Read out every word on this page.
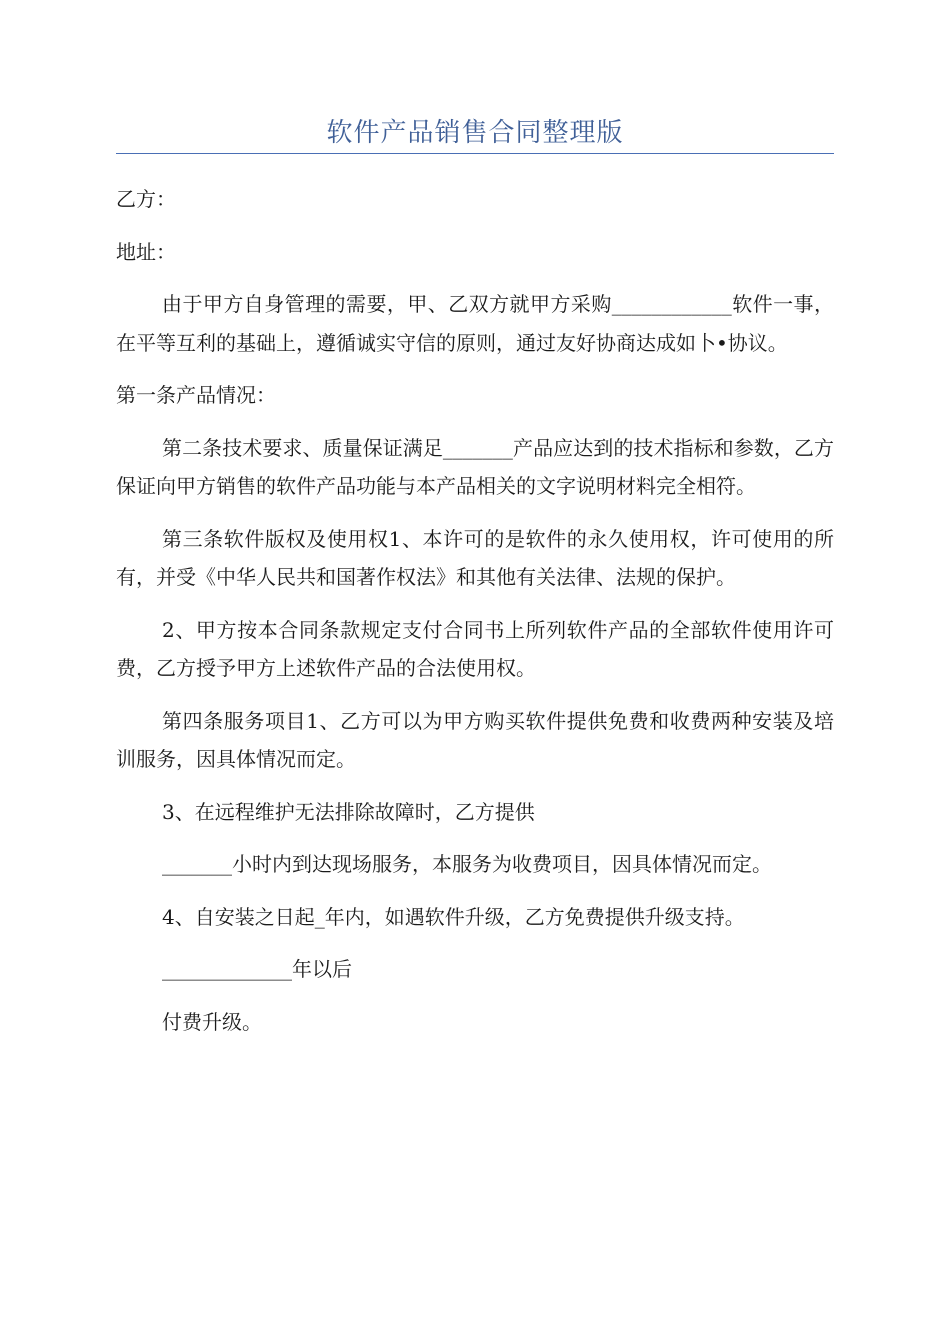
软件产品销售合同整理版

乙方：

地址：

由于甲方自身管理的需要，甲、乙双方就甲方采购____________软件一事，在平等互利的基础上，遵循诚实守信的原则，通过友好协商达成如卜•协议。

第一条产品情况：

第二条技术要求、质量保证满足_______产品应达到的技术指标和参数，乙方保证向甲方销售的软件产品功能与本产品相关的文字说明材料完全相符。

第三条软件版权及使用权1、本许可的是软件的永久使用权，许可使用的所有，并受《中华人民共和国著作权法》和其他有关法律、法规的保护。

2、甲方按本合同条款规定支付合同书上所列软件产品的全部软件使用许可费，乙方授予甲方上述软件产品的合法使用权。

第四条服务项目1、乙方可以为甲方购买软件提供免费和收费两种安装及培训服务，因具体情况而定。

3、在远程维护无法排除故障时，乙方提供

_______小时内到达现场服务，本服务为收费项目，因具体情况而定。

4、自安装之日起_年内，如遇软件升级，乙方免费提供升级支持。

_____________年以后

付费升级。
